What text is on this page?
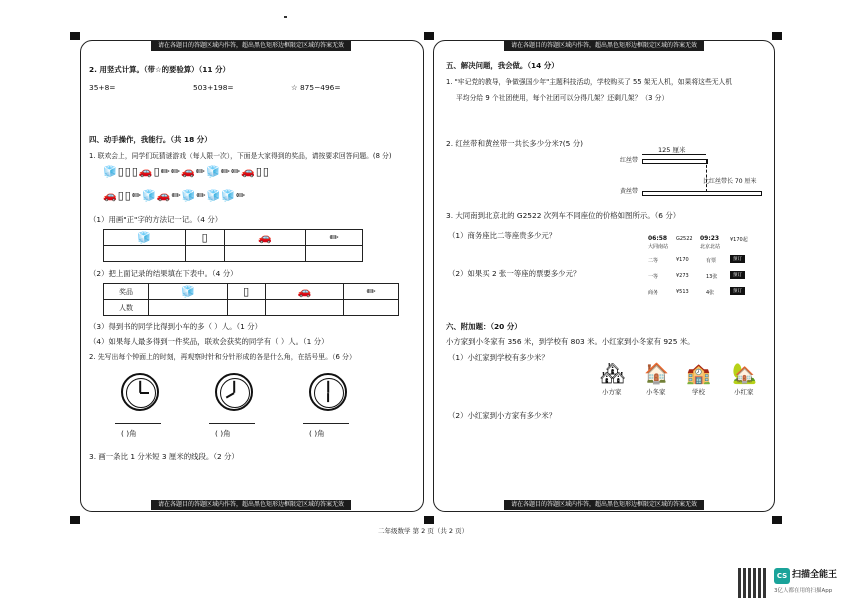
请在各题目的答题区域内作答，超出黑色矩形边框限定区域的答案无效
请在各题目的答题区域内作答，超出黑色矩形边框限定区域的答案无效
2. 用竖式计算。（带☆的要验算）（11 分）
35+8=	503+198=	☆ 875−496=
四、动手操作，我能行。（共 18 分）
1. 联欢会上，同学们玩猜谜游戏（每人限一次），下面是大家得到的奖品，请按要求回答问题。(8 分)
🧊▯▯▯🚗▯✏✏🚗✏🧊✏✏🚗▯▯
🚗▯▯✏🧊🚗✏🧊✏🧊🧊✏
（1）用画"正"字的方法记一记。（4 分）
🧊	▯	🚗	✏

（2）把上面记录的结果填在下表中。（4 分）
奖品	🧊	▯	🚗	✏
人数				
（3）得到书的同学比得到小车的多（ ）人。（1 分）
（4）如果每人最多得到一件奖品，联欢会获奖的同学有（ ）人。（1 分）
2. 先写出每个钟面上的时刻，再观察时针和分针形成的各是什么角，在括号里。（6 分）
( )角	( )角	( )角
3. 画一条比 1 分米短 3 厘米的线段。（2 分）
请在各题目的答题区域内作答，超出黑色矩形边框限定区域的答案无效
请在各题目的答题区域内作答，超出黑色矩形边框限定区域的答案无效
五、解决问题，我会做。（14 分）
1. "牢记党的教导，争做强国少年"主题科技活动，学校购买了 55 架无人机，如果将这些无人机
平均分给 9 个社团使用，每个社团可以分得几架？还剩几架？（3 分）
2. 红丝带和黄丝带一共长多少分米?(5 分)
125 厘米
红丝带
比红丝带长 70 厘米
黄丝带
3. 大同南到北京北的 G2522 次列车不同座位的价格如图所示。（6 分）
（1）商务座比二等座贵多少元？
（2）如果买 2 张一等座的票要多少元？
06:58 G2522 09:23 ¥170起
大同南站	北京北站
二等	¥170	有票	预订
一等	¥273	13张	预订
商务	¥513	4张	预订
六、附加题：（20 分）
小方家到小冬家有 356 米，到学校有 803 米。小红家到小冬家有 925 米。
（1）小红家到学校有多少米？
🏘 🏠 🏫 🏡
小方家	小冬家	学校	小红家
（2）小红家到小方家有多少米？
二年级数学 第 2 页（共 2 页）
CS 扫描全能王
3亿人都在用的扫描App
